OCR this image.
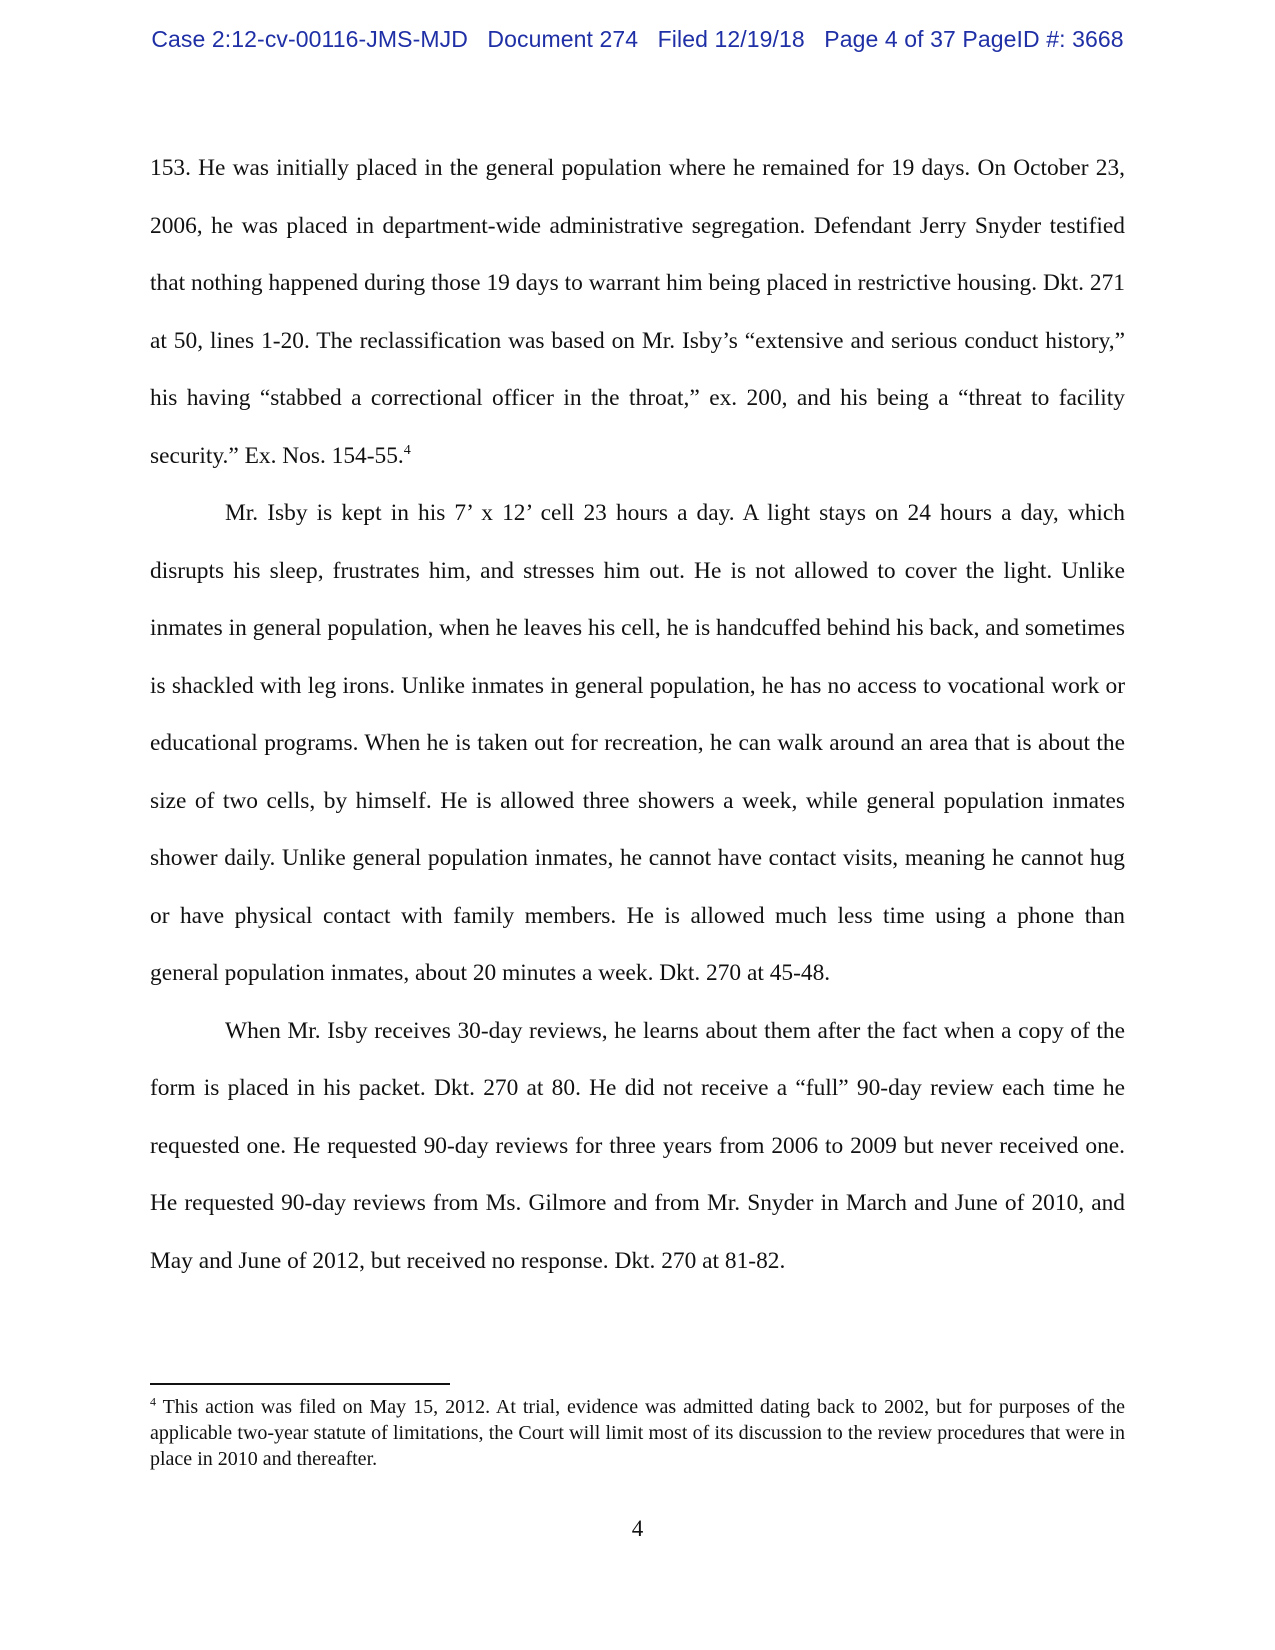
Case 2:12-cv-00116-JMS-MJD   Document 274   Filed 12/19/18   Page 4 of 37 PageID #: 3668

153. He was initially placed in the general population where he remained for 19 days. On October 23, 2006, he was placed in department-wide administrative segregation. Defendant Jerry Snyder testified that nothing happened during those 19 days to warrant him being placed in restrictive housing. Dkt. 271 at 50, lines 1-20. The reclassification was based on Mr. Isby’s “extensive and serious conduct history,” his having “stabbed a correctional officer in the throat,” ex. 200, and his being a “threat to facility security.” Ex. Nos. 154-55.$^4$

Mr. Isby is kept in his 7’ x 12’ cell 23 hours a day. A light stays on 24 hours a day, which disrupts his sleep, frustrates him, and stresses him out. He is not allowed to cover the light. Unlike inmates in general population, when he leaves his cell, he is handcuffed behind his back, and sometimes is shackled with leg irons. Unlike inmates in general population, he has no access to vocational work or educational programs. When he is taken out for recreation, he can walk around an area that is about the size of two cells, by himself. He is allowed three showers a week, while general population inmates shower daily. Unlike general population inmates, he cannot have contact visits, meaning he cannot hug or have physical contact with family members. He is allowed much less time using a phone than general population inmates, about 20 minutes a week. Dkt. 270 at 45-48.

When Mr. Isby receives 30-day reviews, he learns about them after the fact when a copy of the form is placed in his packet. Dkt. 270 at 80. He did not receive a “full” 90-day review each time he requested one. He requested 90-day reviews for three years from 2006 to 2009 but never received one. He requested 90-day reviews from Ms. Gilmore and from Mr. Snyder in March and June of 2010, and May and June of 2012, but received no response. Dkt. 270 at 81-82.

$^4$ This action was filed on May 15, 2012. At trial, evidence was admitted dating back to 2002, but for purposes of the applicable two-year statute of limitations, the Court will limit most of its discussion to the review procedures that were in place in 2010 and thereafter.
4
